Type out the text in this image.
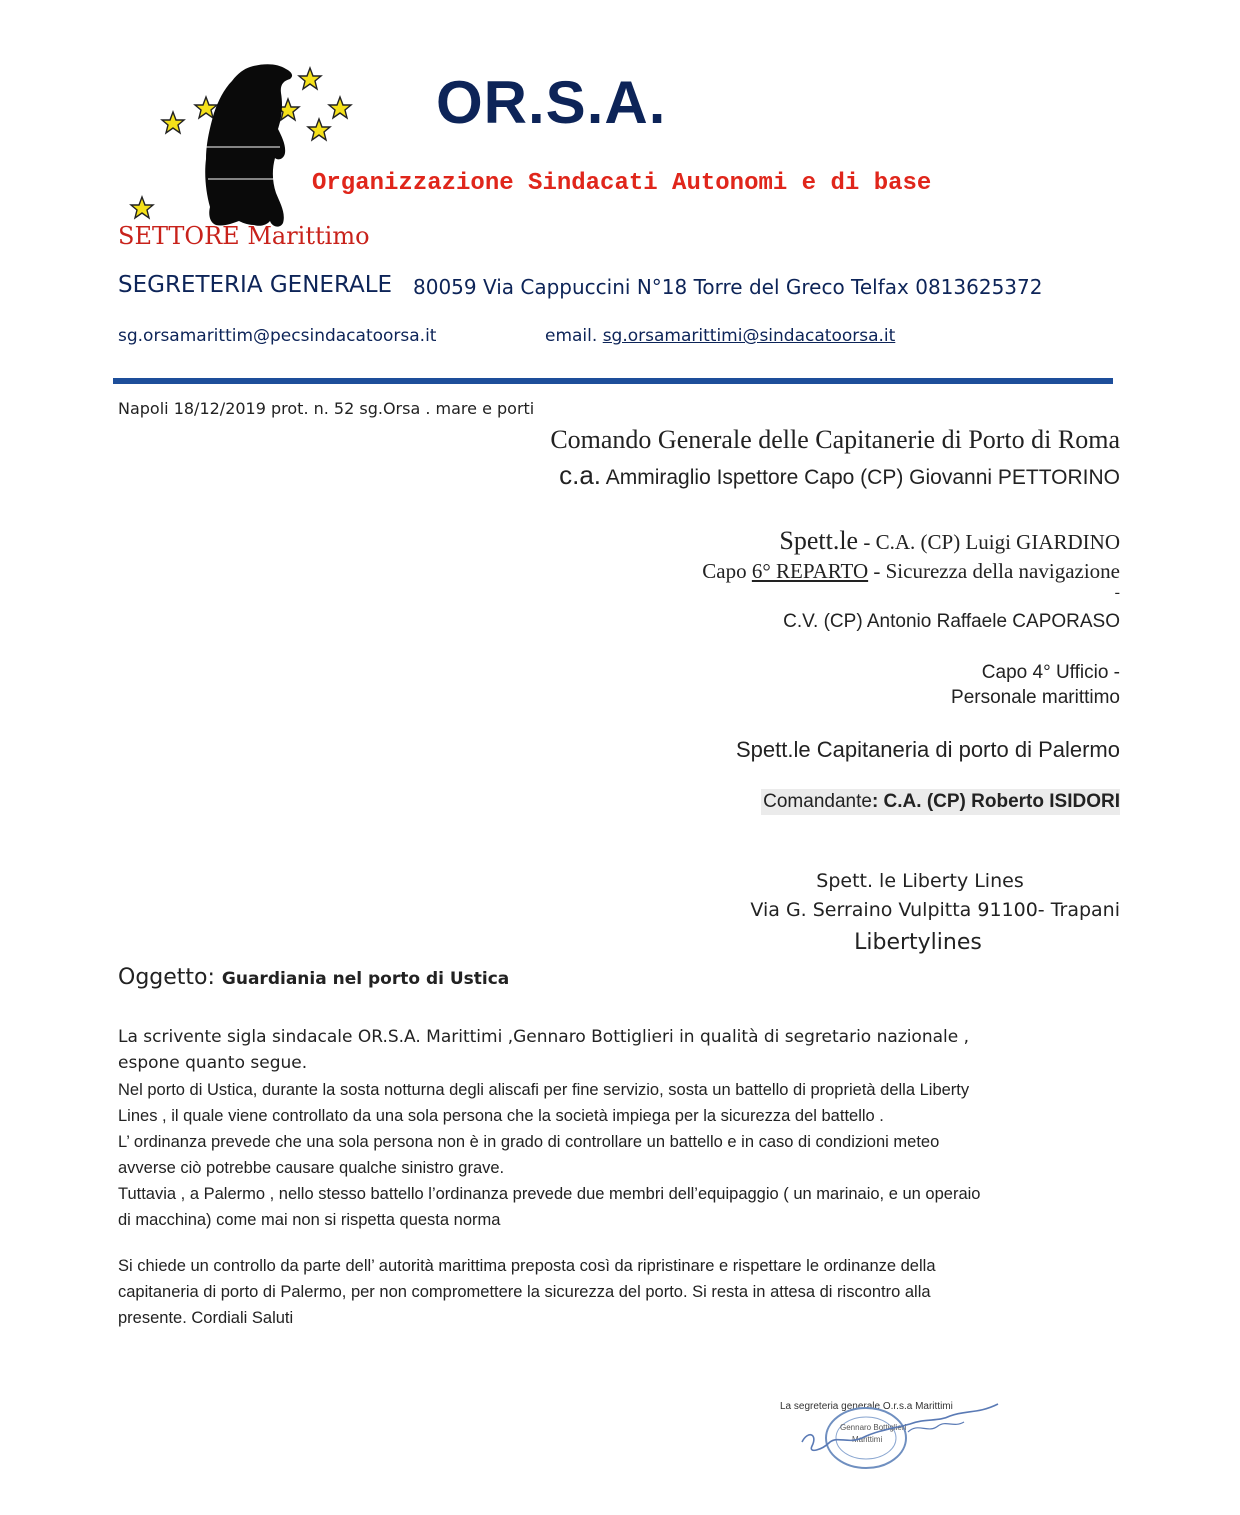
OR.S.A.
Organizzazione Sindacati Autonomi e di base
SETTORE Marittimo
SEGRETERIA GENERALE 80059 Via Cappuccini N°18 Torre del Greco Telfax 0813625372
sg.orsamarittim@pecsindacatoorsa.it	email. sg.orsamarittimi@sindacatoorsa.it
Napoli 18/12/2019 prot. n. 52 sg.Orsa . mare e porti
Comando Generale delle Capitanerie di Porto di Roma
c.a. Ammiraglio Ispettore Capo (CP) Giovanni PETTORINO
Spett.le - C.A. (CP) Luigi GIARDINO
Capo 6° REPARTO - Sicurezza della navigazione
-
C.V. (CP) Antonio Raffaele CAPORASO
Capo 4° Ufficio -
Personale marittimo
Spett.le Capitaneria di porto di Palermo
Comandante: C.A. (CP) Roberto ISIDORI
Spett. le Liberty Lines
Via G. Serraino Vulpitta 91100- Trapani
Libertylines
Oggetto: Guardiania nel porto di Ustica
La scrivente sigla sindacale OR.S.A. Marittimi ,Gennaro Bottiglieri in qualità di segretario nazionale ,
espone quanto segue.
Nel porto di Ustica, durante la sosta notturna degli aliscafi per fine servizio, sosta un battello di proprietà della Liberty
Lines , il quale viene controllato da una sola persona che la società impiega per la sicurezza del battello .
L’ ordinanza prevede che una sola persona non è in grado di controllare un battello e in caso di condizioni meteo
avverse ciò potrebbe causare qualche sinistro grave.
Tuttavia , a Palermo , nello stesso battello l’ordinanza prevede due membri dell’equipaggio ( un marinaio, e un operaio
di macchina) come mai non si rispetta questa norma
Si chiede un controllo da parte dell’ autorità marittima preposta così da ripristinare e rispettare le ordinanze della
capitaneria di porto di Palermo, per non compromettere la sicurezza del porto. Si resta in attesa di riscontro alla
presente. Cordiali Saluti
La segreteria generale O.r.s.a Marittimi
Gennaro Bottiglieri
Marittimi
